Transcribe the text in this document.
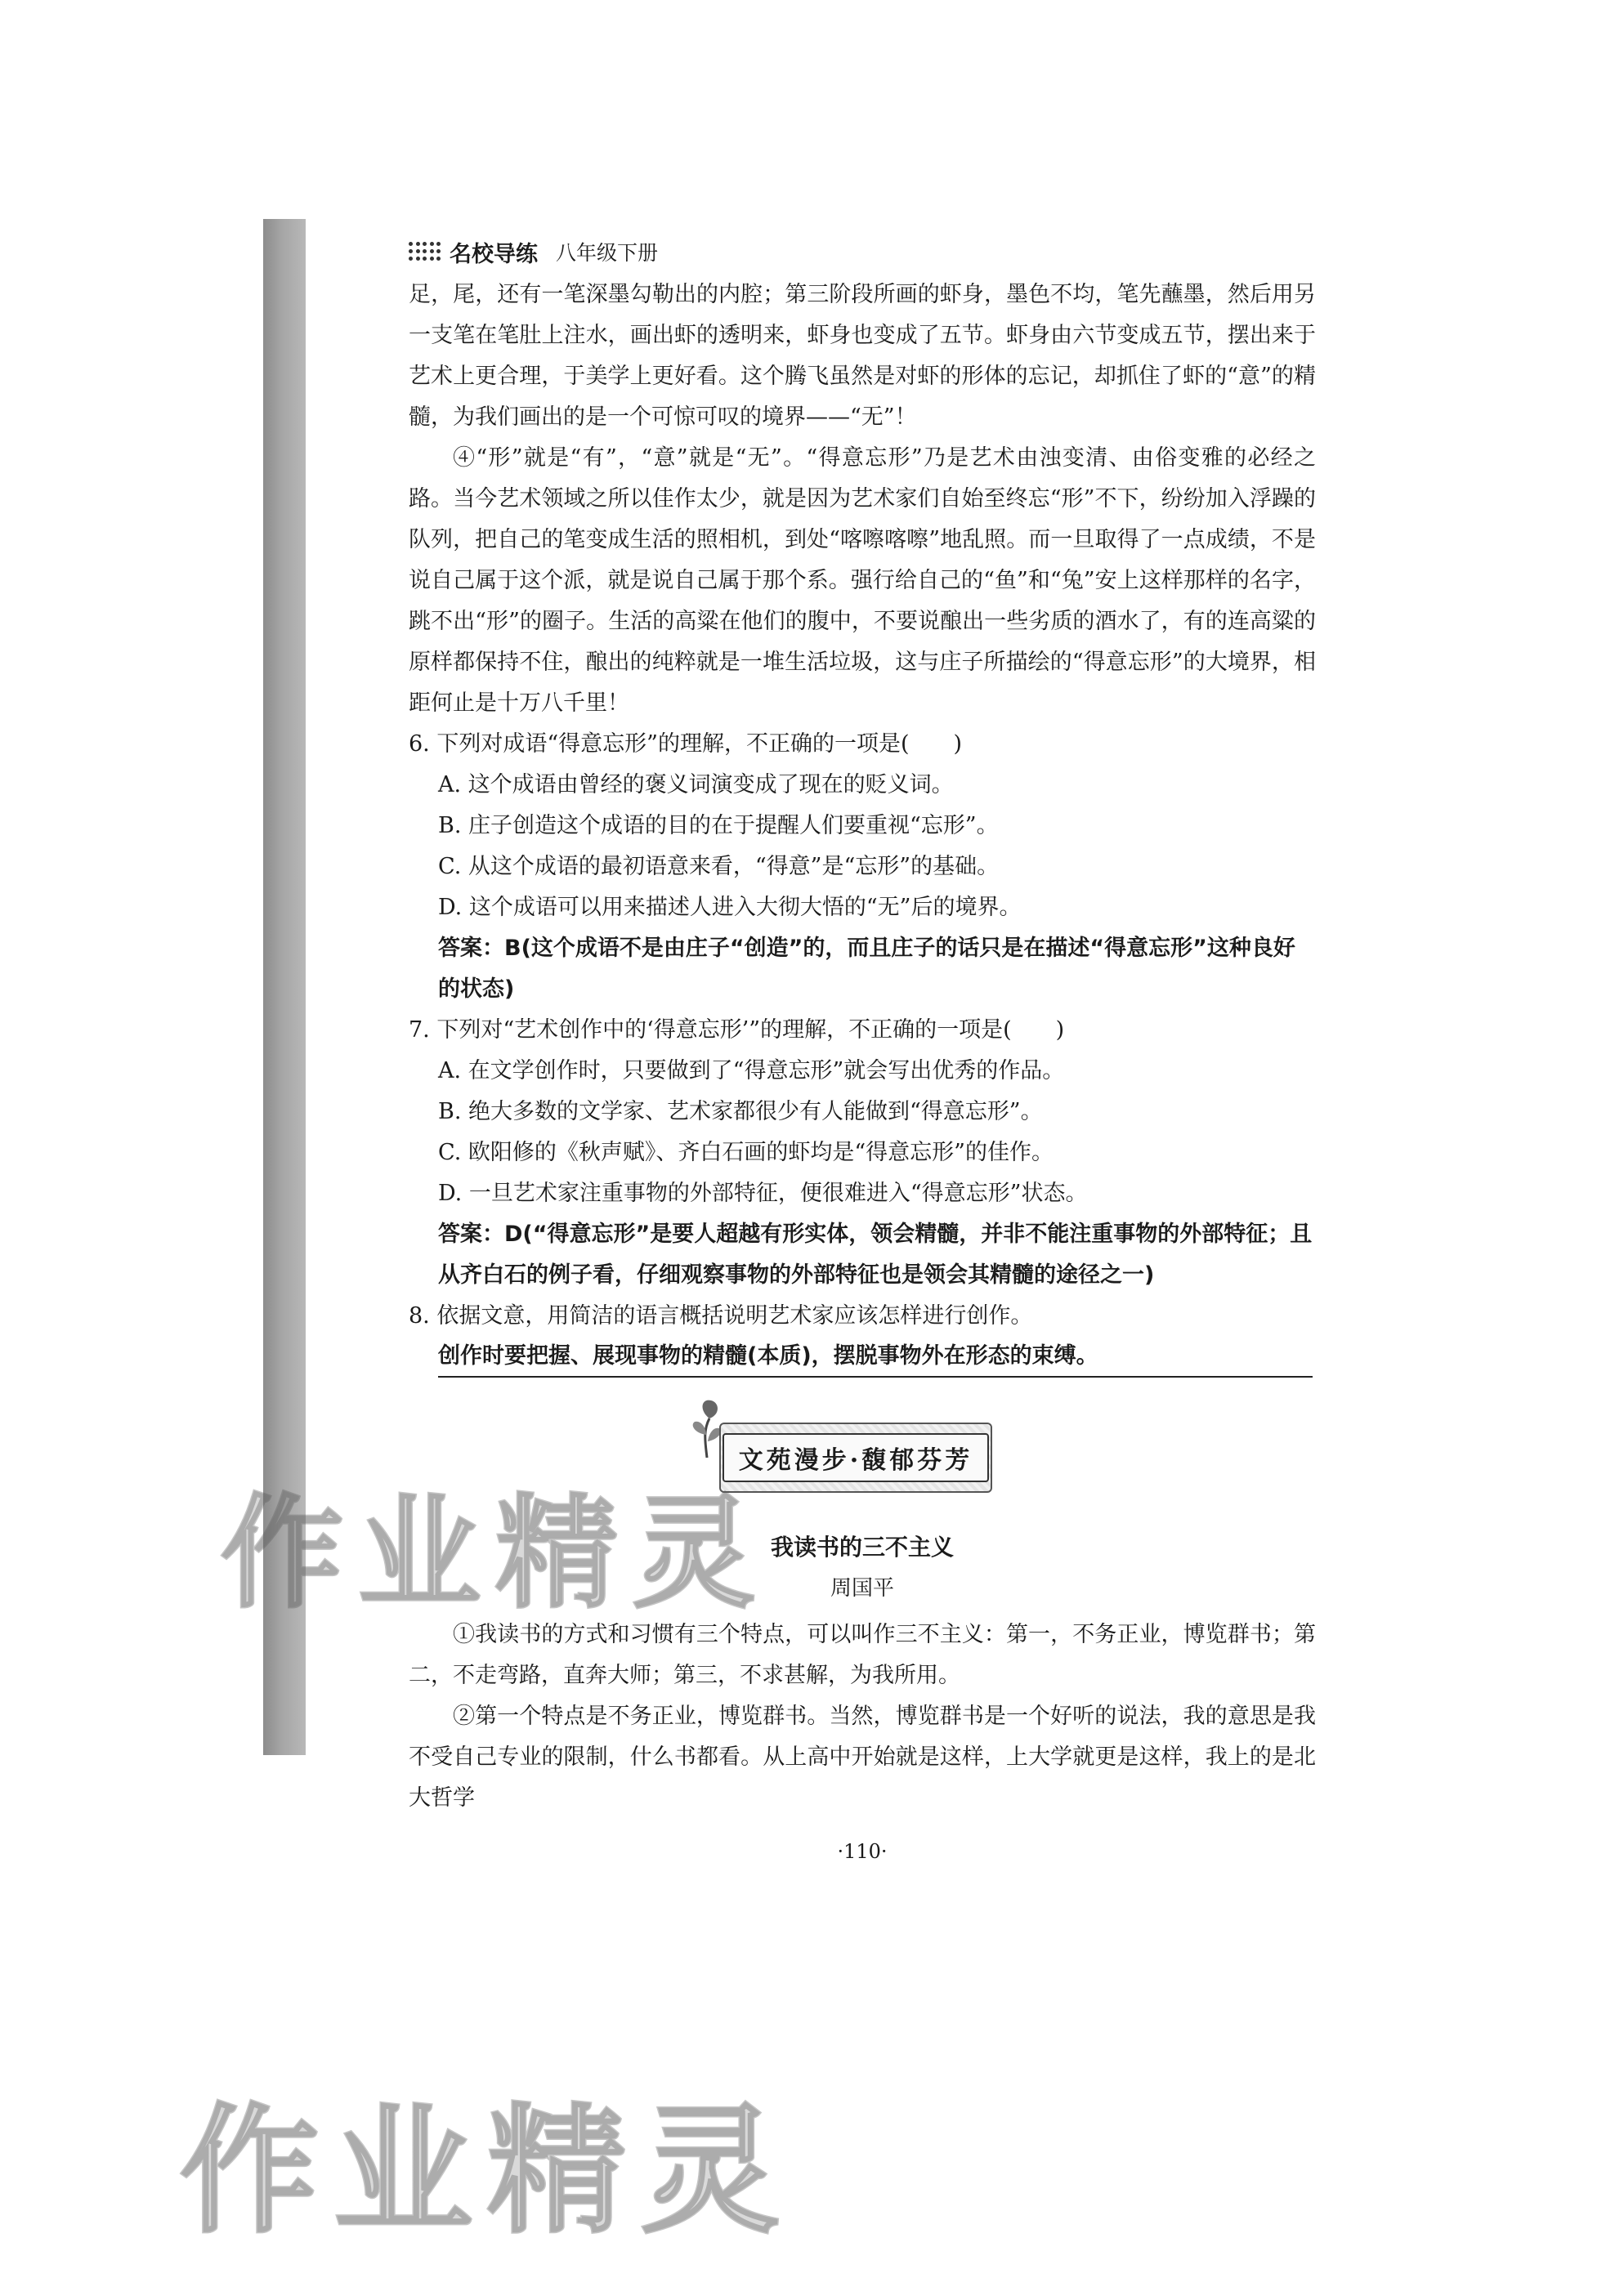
名校导练 八年级下册

足，尾，还有一笔深墨勾勒出的内腔；第三阶段所画的虾身，墨色不均，笔先蘸墨，然后用另一支笔在笔肚上注水，画出虾的透明来，虾身也变成了五节。虾身由六节变成五节，摆出来于艺术上更合理，于美学上更好看。这个腾飞虽然是对虾的形体的忘记，却抓住了虾的“意”的精髓，为我们画出的是一个可惊可叹的境界——“无”！

④“形”就是“有”，“意”就是“无”。“得意忘形”乃是艺术由浊变清、由俗变雅的必经之路。当今艺术领域之所以佳作太少，就是因为艺术家们自始至终忘“形”不下，纷纷加入浮躁的队列，把自己的笔变成生活的照相机，到处“喀嚓喀嚓”地乱照。而一旦取得了一点成绩，不是说自己属于这个派，就是说自己属于那个系。强行给自己的“鱼”和“兔”安上这样那样的名字，跳不出“形”的圈子。生活的高粱在他们的腹中，不要说酿出一些劣质的酒水了，有的连高粱的原样都保持不住，酿出的纯粹就是一堆生活垃圾，这与庄子所描绘的“得意忘形”的大境界，相距何止是十万八千里！

6. 下列对成语“得意忘形”的理解，不正确的一项是(　　)

A. 这个成语由曾经的褒义词演变成了现在的贬义词。

B. 庄子创造这个成语的目的在于提醒人们要重视“忘形”。

C. 从这个成语的最初语意来看，“得意”是“忘形”的基础。

D. 这个成语可以用来描述人进入大彻大悟的“无”后的境界。

答案：B(这个成语不是由庄子“创造”的，而且庄子的话只是在描述“得意忘形”这种良好的状态)

7. 下列对“艺术创作中的‘得意忘形’”的理解，不正确的一项是(　　)

A. 在文学创作时，只要做到了“得意忘形”就会写出优秀的作品。

B. 绝大多数的文学家、艺术家都很少有人能做到“得意忘形”。

C. 欧阳修的《秋声赋》、齐白石画的虾均是“得意忘形”的佳作。

D. 一旦艺术家注重事物的外部特征，便很难进入“得意忘形”状态。

答案：D(“得意忘形”是要人超越有形实体，领会精髓，并非不能注重事物的外部特征；且从齐白石的例子看，仔细观察事物的外部特征也是领会其精髓的途径之一)

8. 依据文意，用简洁的语言概括说明艺术家应该怎样进行创作。

创作时要把握、展现事物的精髓(本质)，摆脱事物外在形态的束缚。

文苑漫步·馥郁芬芳

我读书的三不主义

周国平

①我读书的方式和习惯有三个特点，可以叫作三不主义：第一，不务正业，博览群书；第二，不走弯路，直奔大师；第三，不求甚解，为我所用。

②第一个特点是不务正业，博览群书。当然，博览群书是一个好听的说法，我的意思是我不受自己专业的限制，什么书都看。从上高中开始就是这样，上大学就更是这样，我上的是北大哲学

·110·
作业精灵
作业精灵
